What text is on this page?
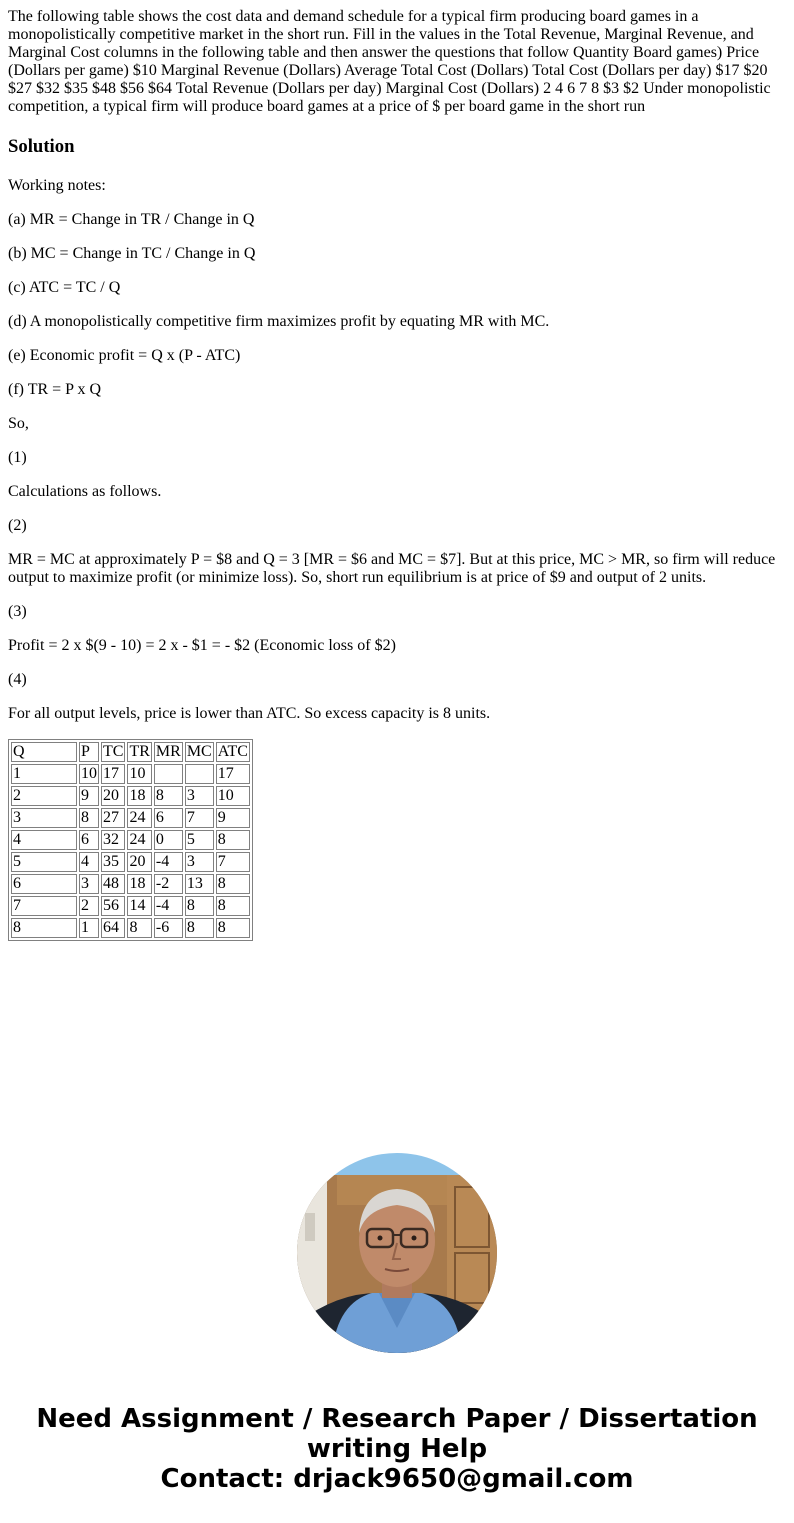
The following table shows the cost data and demand schedule for a typical firm producing board games in a monopolistically competitive market in the short run. Fill in the values in the Total Revenue, Marginal Revenue, and Marginal Cost columns in the following table and then answer the questions that follow Quantity Board games) Price (Dollars per game) $10 Marginal Revenue (Dollars) Average Total Cost (Dollars) Total Cost (Dollars per day) $17 $20 $27 $32 $35 $48 $56 $64 Total Revenue (Dollars per day) Marginal Cost (Dollars) 2 4 6 7 8 $3 $2 Under monopolistic competition, a typical firm will produce board games at a price of $ per board game in the short run
Solution
Working notes:
(a) MR = Change in TR / Change in Q
(b) MC = Change in TC / Change in Q
(c) ATC = TC / Q
(d) A monopolistically competitive firm maximizes profit by equating MR with MC.
(e) Economic profit = Q x (P - ATC)
(f) TR = P x Q
So,
(1)
Calculations as follows.
(2)
MR = MC at approximately P = $8 and Q = 3 [MR = $6 and MC = $7]. But at this price, MC > MR, so firm will reduce output to maximize profit (or minimize loss). So, short run equilibrium is at price of $9 and output of 2 units.
(3)
Profit = 2 x $(9 - 10) = 2 x - $1 = - $2 (Economic loss of $2)
(4)
For all output levels, price is lower than ATC. So excess capacity is 8 units.
Q	P	TC	TR	MR	MC	ATC
1	10	17	10			17
2	9	20	18	8	3	10
3	8	27	24	6	7	9
4	6	32	24	0	5	8
5	4	35	20	-4	3	7
6	3	48	18	-2	13	8
7	2	56	14	-4	8	8
8	1	64	8	-6	8	8
Need Assignment / Research Paper / Dissertation
writing Help
Contact: drjack9650@gmail.com
